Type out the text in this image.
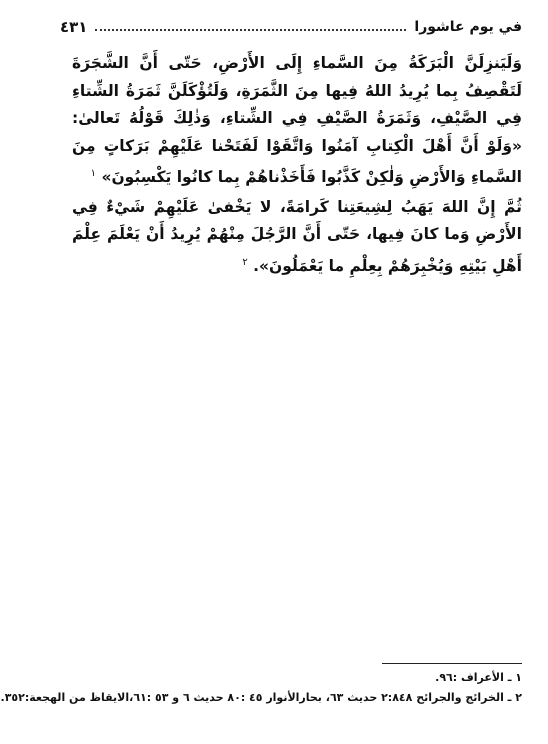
٤٣١	في يوم عاشورا

وَلَيَنزِلَنَّ الْبَرَكَةُ مِنَ السَّماءِ إِلَى الأَرْضِ، حَتّى أَنَّ الشَّجَرَةَ لَتَقْصِفُ بِما يُرِيدُ اللهُ فِيها مِنَ الثَّمَرَةِ، وَلَتُؤْكَلَنَّ ثَمَرَةُ الشِّتاءِ فِي الصَّيْفِ، وَثَمَرَةُ الصَّيْفِ فِي الشِّتاءِ، وَذٰلِكَ قَوْلُهُ تَعالىٰ: «وَلَوْ أَنَّ أَهْلَ الْكِتابِ آمَنُوا وَاتَّقَوْا لَفَتَحْنا عَلَيْهِمْ بَرَكاتٍ مِنَ السَّماءِ وَالأَرْضِ وَلٰكِنْ كَذَّبُوا فَأَخَذْناهُمْ بِما كانُوا يَكْسِبُونَ» $^١$

ثُمَّ إِنَّ اللهَ يَهَبُ لِشِيعَتِنا كَرامَةً، لا يَخْفىٰ عَلَيْهِمْ شَيْءٌ فِي الأَرْضِ وَما كانَ فِيها، حَتّى أَنَّ الرَّجُلَ مِنْهُمْ يُرِيدُ أَنْ يَعْلَمَ عِلْمَ أَهْلِ بَيْتِهِ وَيُخْبِرَهُمْ بِعِلْمِ ما يَعْمَلُونَ». $^٢$

١ ـ الأعراف :٩٦.
٢ ـ الخرائج والجرائح ٢:٨٤٨ حديث ٦٣، بحارالأنوار ٤٥ :٨٠ حديث ٦ و ٥٣ :٦١،الايقاظ من الهجعة:٣٥٢.
